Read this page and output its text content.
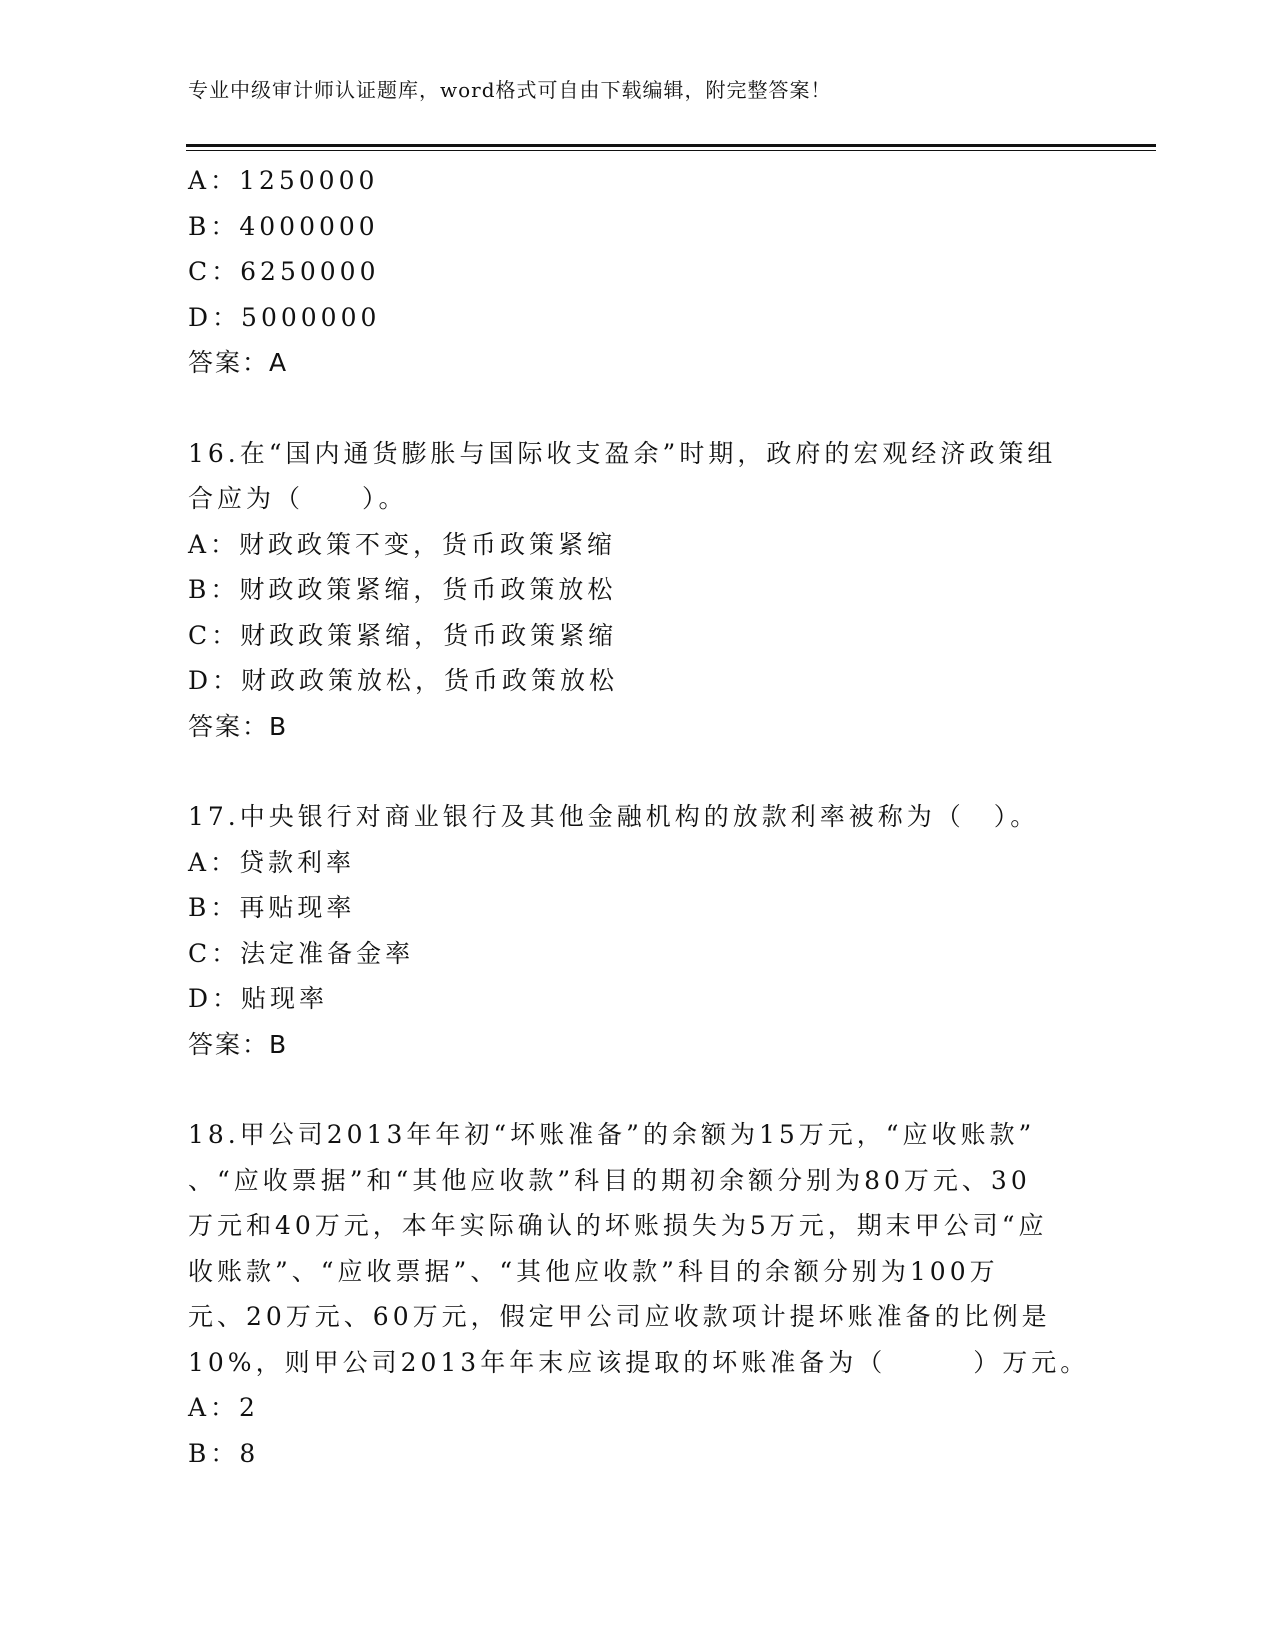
专业中级审计师认证题库，word格式可自由下载编辑，附完整答案！
A：1250000
B：4000000
C：6250000
D：5000000
答案：A
16.在“国内通货膨胀与国际收支盈余”时期，政府的宏观经济政策组
合应为（　　）。
A：财政政策不变，货币政策紧缩
B：财政政策紧缩，货币政策放松
C：财政政策紧缩，货币政策紧缩
D：财政政策放松，货币政策放松
答案：B
17.中央银行对商业银行及其他金融机构的放款利率被称为（　）。
A：贷款利率
B：再贴现率
C：法定准备金率
D：贴现率
答案：B
18.甲公司2013年年初“坏账准备”的余额为15万元，“应收账款”
、“应收票据”和“其他应收款”科目的期初余额分别为80万元、30
万元和40万元，本年实际确认的坏账损失为5万元，期末甲公司“应
收账款”、“应收票据”、“其他应收款”科目的余额分别为100万
元、20万元、60万元，假定甲公司应收款项计提坏账准备的比例是
10%，则甲公司2013年年末应该提取的坏账准备为（　　　）万元。
A：2
B：8
